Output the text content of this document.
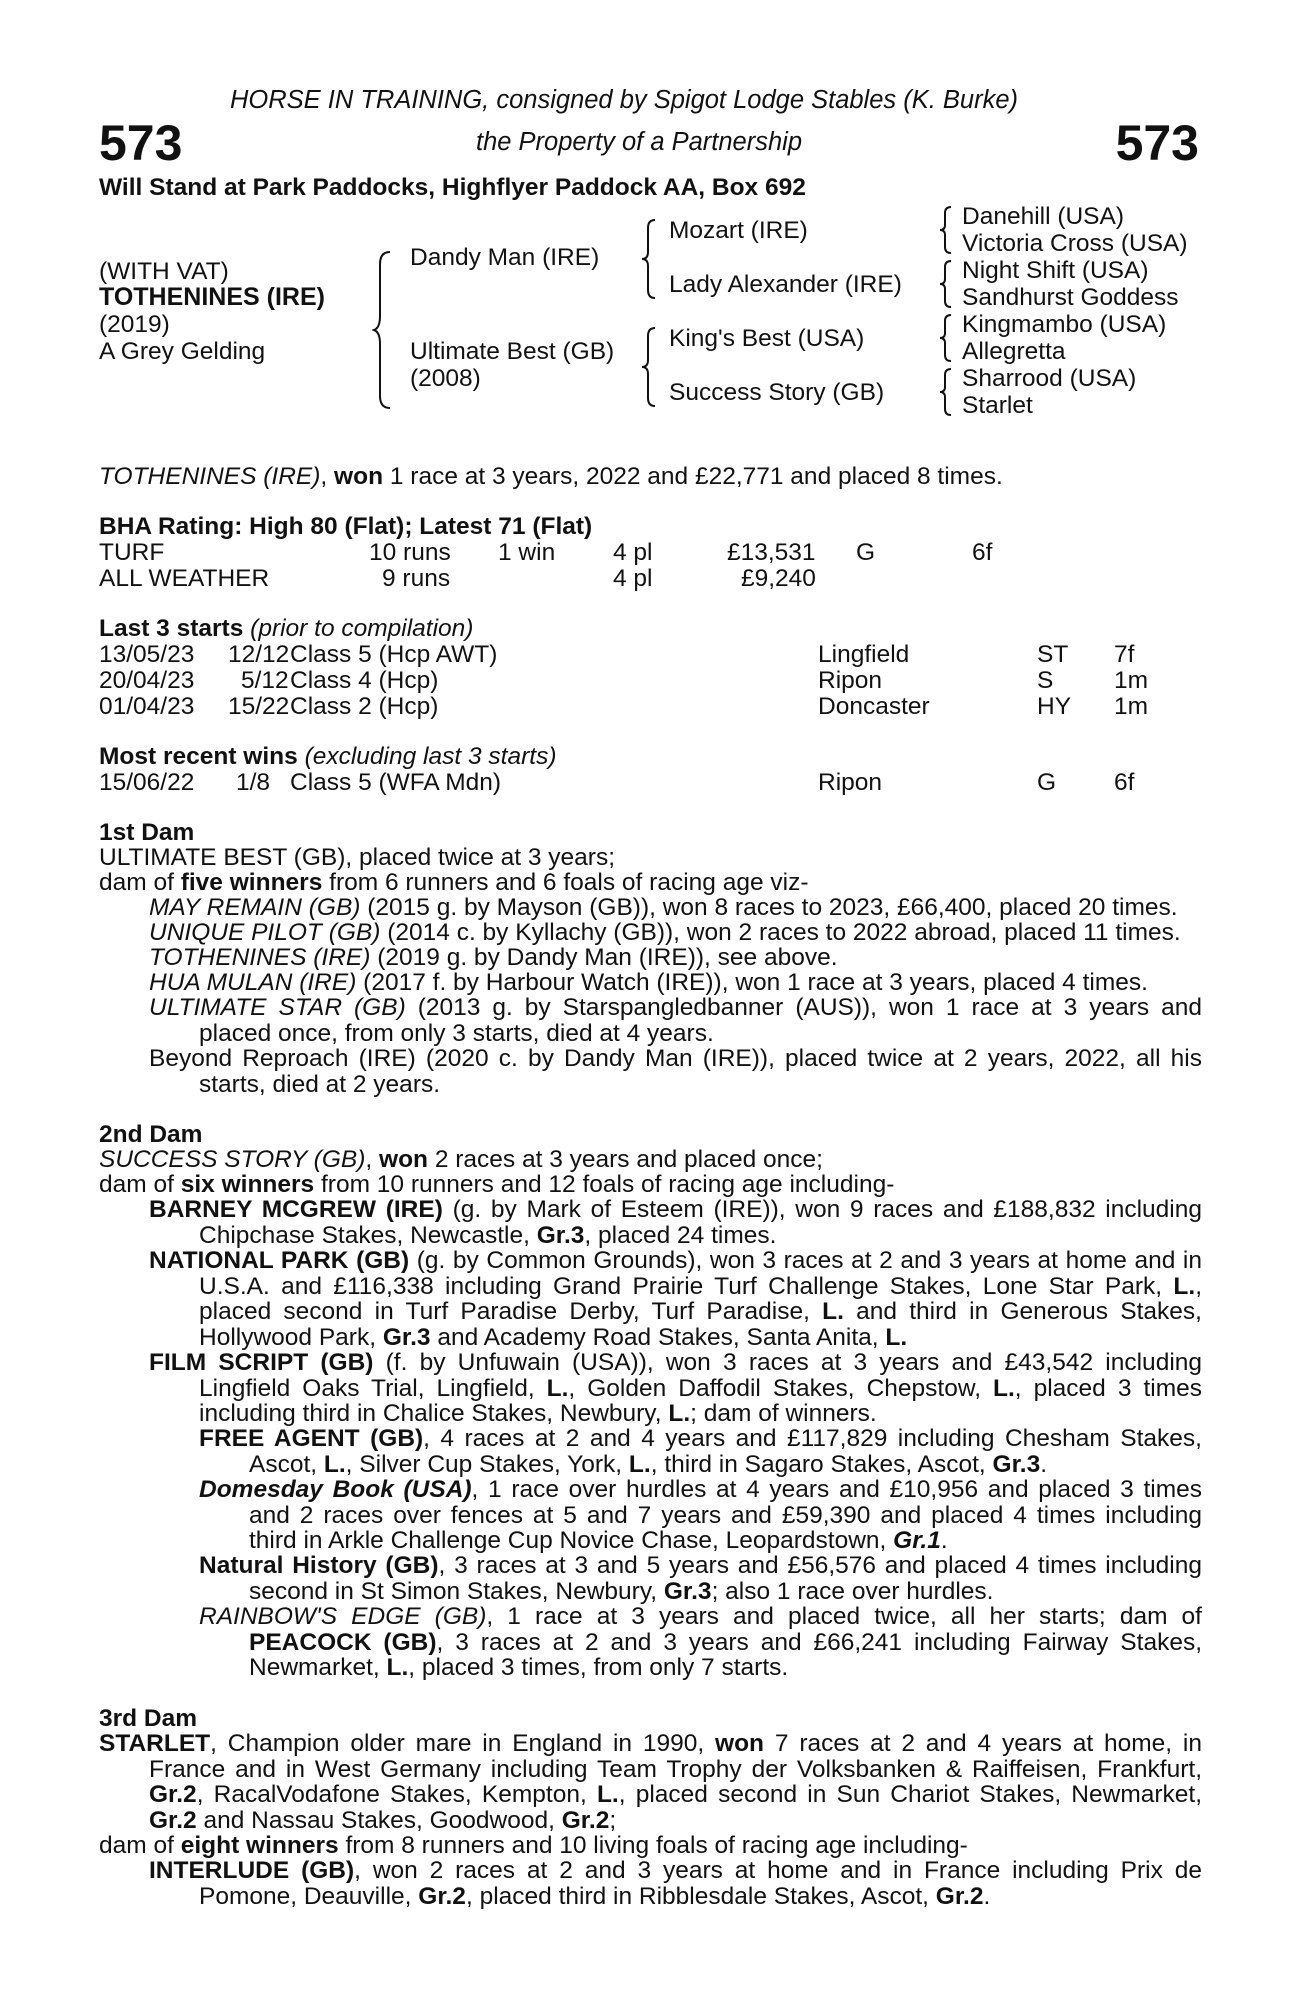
573	573
HORSE IN TRAINING, consigned by Spigot Lodge Stables (K. Burke)
the Property of a Partnership
Will Stand at Park Paddocks, Highflyer Paddock AA, Box 692
(WITH VAT)
TOTHENINES (IRE)
(2019)
A Grey Gelding
Dandy Man (IRE)
Ultimate Best (GB)
(2008)
Mozart (IRE)
Lady Alexander (IRE)
King's Best (USA)
Success Story (GB)
Danehill (USA)
Victoria Cross (USA)
Night Shift (USA)
Sandhurst Goddess
Kingmambo (USA)
Allegretta
Sharrood (USA)
Starlet
TOTHENINES (IRE), won 1 race at 3 years, 2022 and £22,771 and placed 8 times.
BHA Rating: High 80 (Flat); Latest 71 (Flat)
TURF	10 runs 1 win 4 pl	£13,531 G	6f
ALL WEATHER	9 runs	4 pl	£9,240
Last 3 starts (prior to compilation)
13/05/23 12/12 Class 5 (Hcp AWT)	Lingfield	ST 7f
20/04/23 5/12 Class 4 (Hcp)	Ripon	S 1m
01/04/23 15/22 Class 2 (Hcp)	Doncaster	HY 1m
Most recent wins (excluding last 3 starts)
15/06/22 1/8 Class 5 (WFA Mdn)	Ripon	G 6f
1st Dam
ULTIMATE BEST (GB), placed twice at 3 years;
dam of five winners from 6 runners and 6 foals of racing age viz-
MAY REMAIN (GB) (2015 g. by Mayson (GB)), won 8 races to 2023, £66,400, placed 20 times.
UNIQUE PILOT (GB) (2014 c. by Kyllachy (GB)), won 2 races to 2022 abroad, placed 11 times.
TOTHENINES (IRE) (2019 g. by Dandy Man (IRE)), see above.
HUA MULAN (IRE) (2017 f. by Harbour Watch (IRE)), won 1 race at 3 years, placed 4 times.
ULTIMATE STAR (GB) (2013 g. by Starspangledbanner (AUS)), won 1 race at 3 years and placed once, from only 3 starts, died at 4 years.
Beyond Reproach (IRE) (2020 c. by Dandy Man (IRE)), placed twice at 2 years, 2022, all his starts, died at 2 years.
2nd Dam
SUCCESS STORY (GB), won 2 races at 3 years and placed once;
dam of six winners from 10 runners and 12 foals of racing age including-
BARNEY MCGREW (IRE) (g. by Mark of Esteem (IRE)), won 9 races and £188,832 including Chipchase Stakes, Newcastle, Gr.3, placed 24 times.
NATIONAL PARK (GB) (g. by Common Grounds), won 3 races at 2 and 3 years at home and in U.S.A. and £116,338 including Grand Prairie Turf Challenge Stakes, Lone Star Park, L., placed second in Turf Paradise Derby, Turf Paradise, L. and third in Generous Stakes, Hollywood Park, Gr.3 and Academy Road Stakes, Santa Anita, L.
FILM SCRIPT (GB) (f. by Unfuwain (USA)), won 3 races at 3 years and £43,542 including Lingfield Oaks Trial, Lingfield, L., Golden Daffodil Stakes, Chepstow, L., placed 3 times including third in Chalice Stakes, Newbury, L.; dam of winners.
FREE AGENT (GB), 4 races at 2 and 4 years and £117,829 including Chesham Stakes, Ascot, L., Silver Cup Stakes, York, L., third in Sagaro Stakes, Ascot, Gr.3.
Domesday Book (USA), 1 race over hurdles at 4 years and £10,956 and placed 3 times and 2 races over fences at 5 and 7 years and £59,390 and placed 4 times including third in Arkle Challenge Cup Novice Chase, Leopardstown, Gr.1.
Natural History (GB), 3 races at 3 and 5 years and £56,576 and placed 4 times including second in St Simon Stakes, Newbury, Gr.3; also 1 race over hurdles.
RAINBOW'S EDGE (GB), 1 race at 3 years and placed twice, all her starts; dam of PEACOCK (GB), 3 races at 2 and 3 years and £66,241 including Fairway Stakes, Newmarket, L., placed 3 times, from only 7 starts.
3rd Dam
STARLET, Champion older mare in England in 1990, won 7 races at 2 and 4 years at home, in France and in West Germany including Team Trophy der Volksbanken & Raiffeisen, Frankfurt, Gr.2, RacalVodafone Stakes, Kempton, L., placed second in Sun Chariot Stakes, Newmarket, Gr.2 and Nassau Stakes, Goodwood, Gr.2;
dam of eight winners from 8 runners and 10 living foals of racing age including-
INTERLUDE (GB), won 2 races at 2 and 3 years at home and in France including Prix de Pomone, Deauville, Gr.2, placed third in Ribblesdale Stakes, Ascot, Gr.2.
